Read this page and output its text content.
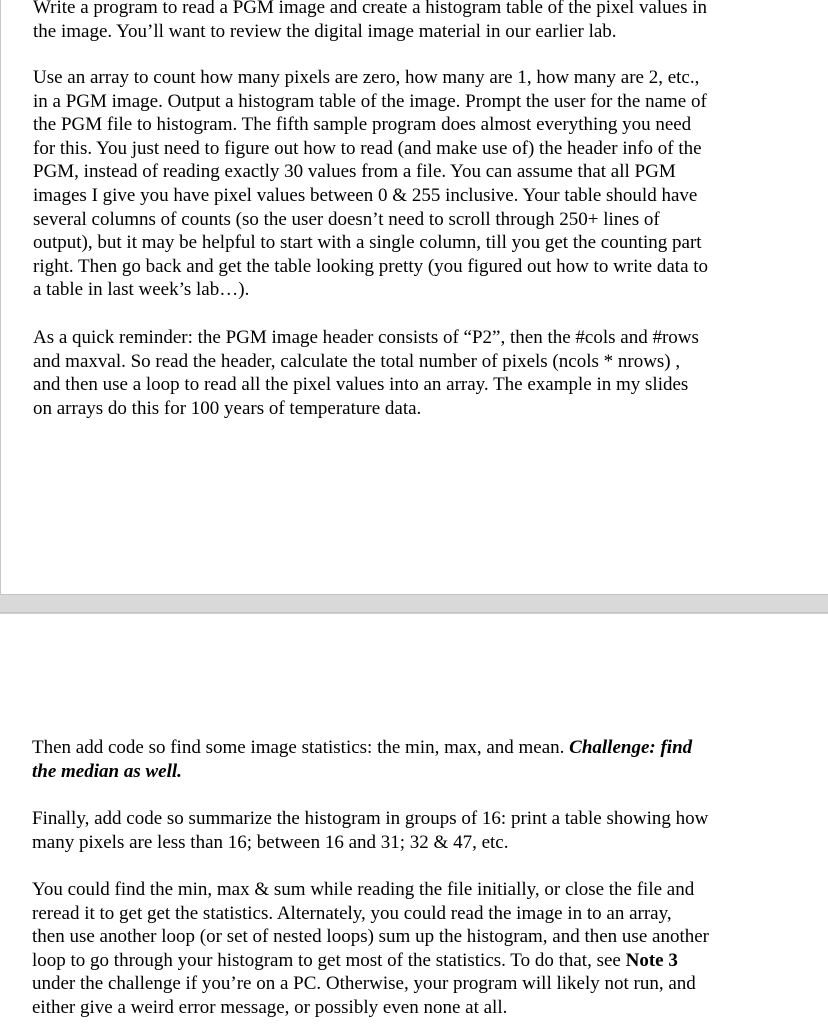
Write a program to read a PGM image and create a histogram table of the pixel values in
the image. You’ll want to review the digital image material in our earlier lab.

Use an array to count how many pixels are zero, how many are 1, how many are 2, etc.,
in a PGM image. Output a histogram table of the image. Prompt the user for the name of
the PGM file to histogram. The fifth sample program does almost everything you need
for this. You just need to figure out how to read (and make use of) the header info of the
PGM, instead of reading exactly 30 values from a file. You can assume that all PGM
images I give you have pixel values between 0 & 255 inclusive. Your table should have
several columns of counts (so the user doesn’t need to scroll through 250+ lines of
output), but it may be helpful to start with a single column, till you get the counting part
right. Then go back and get the table looking pretty (you figured out how to write data to
a table in last week’s lab…).

As a quick reminder: the PGM image header consists of “P2”, then the #cols and #rows
and maxval. So read the header, calculate the total number of pixels (ncols * nrows) ,
and then use a loop to read all the pixel values into an array. The example in my slides
on arrays do this for 100 years of temperature data.

Then add code so find some image statistics: the min, max, and mean. Challenge: find
the median as well.

Finally, add code so summarize the histogram in groups of 16: print a table showing how
many pixels are less than 16; between 16 and 31; 32 & 47, etc.

You could find the min, max & sum while reading the file initially, or close the file and
reread it to get get the statistics. Alternately, you could read the image in to an array,
then use another loop (or set of nested loops) sum up the histogram, and then use another
loop to go through your histogram to get most of the statistics. To do that, see Note 3
under the challenge if you’re on a PC. Otherwise, your program will likely not run, and
either give a weird error message, or possibly even none at all.
